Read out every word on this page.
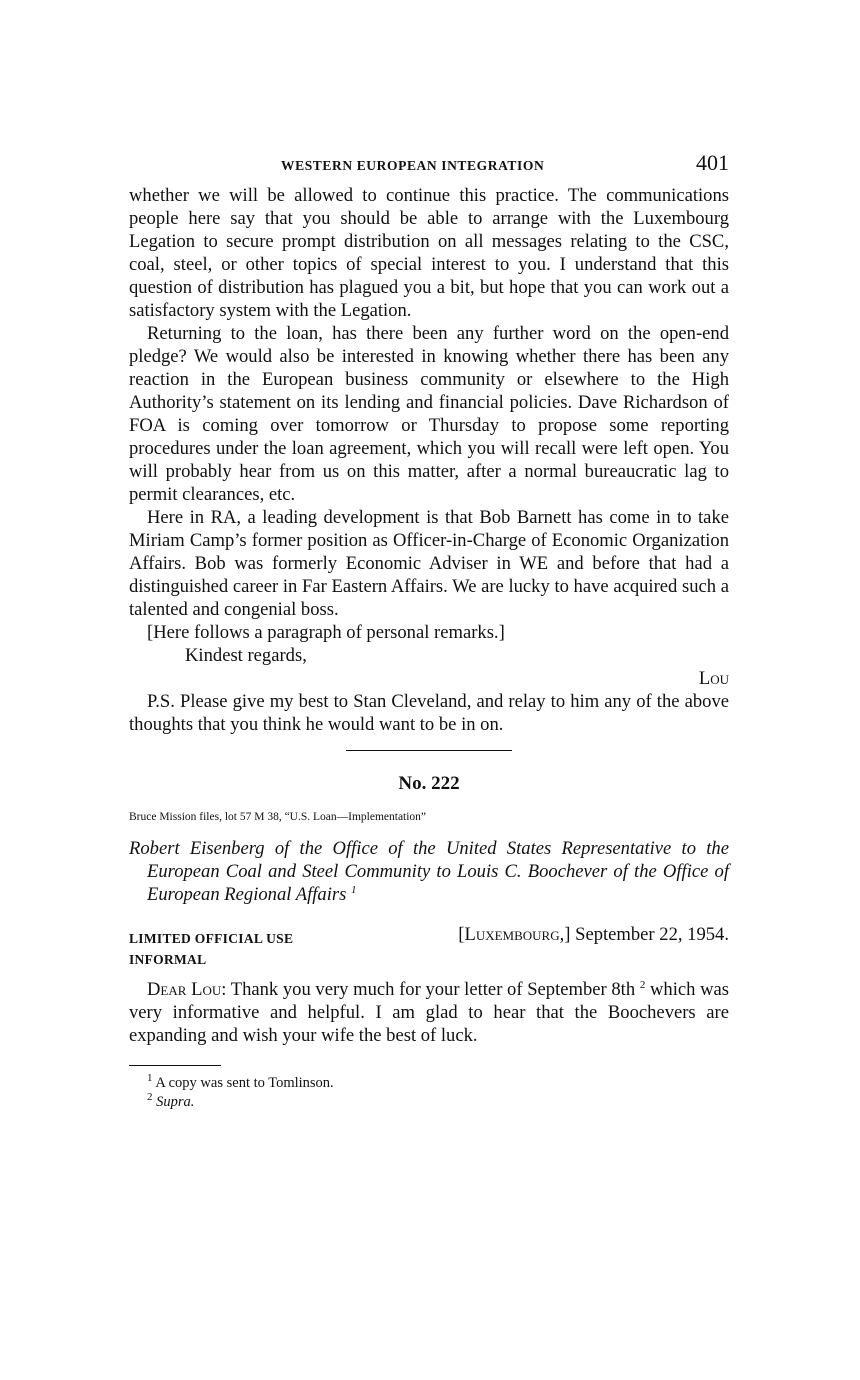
WESTERN EUROPEAN INTEGRATION	401

whether we will be allowed to continue this practice. The communications people here say that you should be able to arrange with the Luxembourg Legation to secure prompt distribution on all messages relating to the CSC, coal, steel, or other topics of special interest to you. I understand that this question of distribution has plagued you a bit, but hope that you can work out a satisfactory system with the Legation.

Returning to the loan, has there been any further word on the open-end pledge? We would also be interested in knowing whether there has been any reaction in the European business community or elsewhere to the High Authority’s statement on its lending and financial policies. Dave Richardson of FOA is coming over tomorrow or Thursday to propose some reporting procedures under the loan agreement, which you will recall were left open. You will probably hear from us on this matter, after a normal bureaucratic lag to permit clearances, etc.

Here in RA, a leading development is that Bob Barnett has come in to take Miriam Camp’s former position as Officer-in-Charge of Economic Organization Affairs. Bob was formerly Economic Adviser in WE and before that had a distinguished career in Far Eastern Affairs. We are lucky to have acquired such a talented and congenial boss.

[Here follows a paragraph of personal remarks.]

Kindest regards,

Lou

P.S. Please give my best to Stan Cleveland, and relay to him any of the above thoughts that you think he would want to be in on.

No. 222
Bruce Mission files, lot 57 M 38, “U.S. Loan—Implementation”
Robert Eisenberg of the Office of the United States Representative to the European Coal and Steel Community to Louis C. Boochever of the Office of European Regional Affairs $^1$
LIMITED OFFICIAL USE
INFORMAL
[Luxembourg,] September 22, 1954.

Dear Lou: Thank you very much for your letter of September 8th $^2$ which was very informative and helpful. I am glad to hear that the Boochevers are expanding and wish your wife the best of luck.

$^1$ A copy was sent to Tomlinson.
$^2$ Supra.
